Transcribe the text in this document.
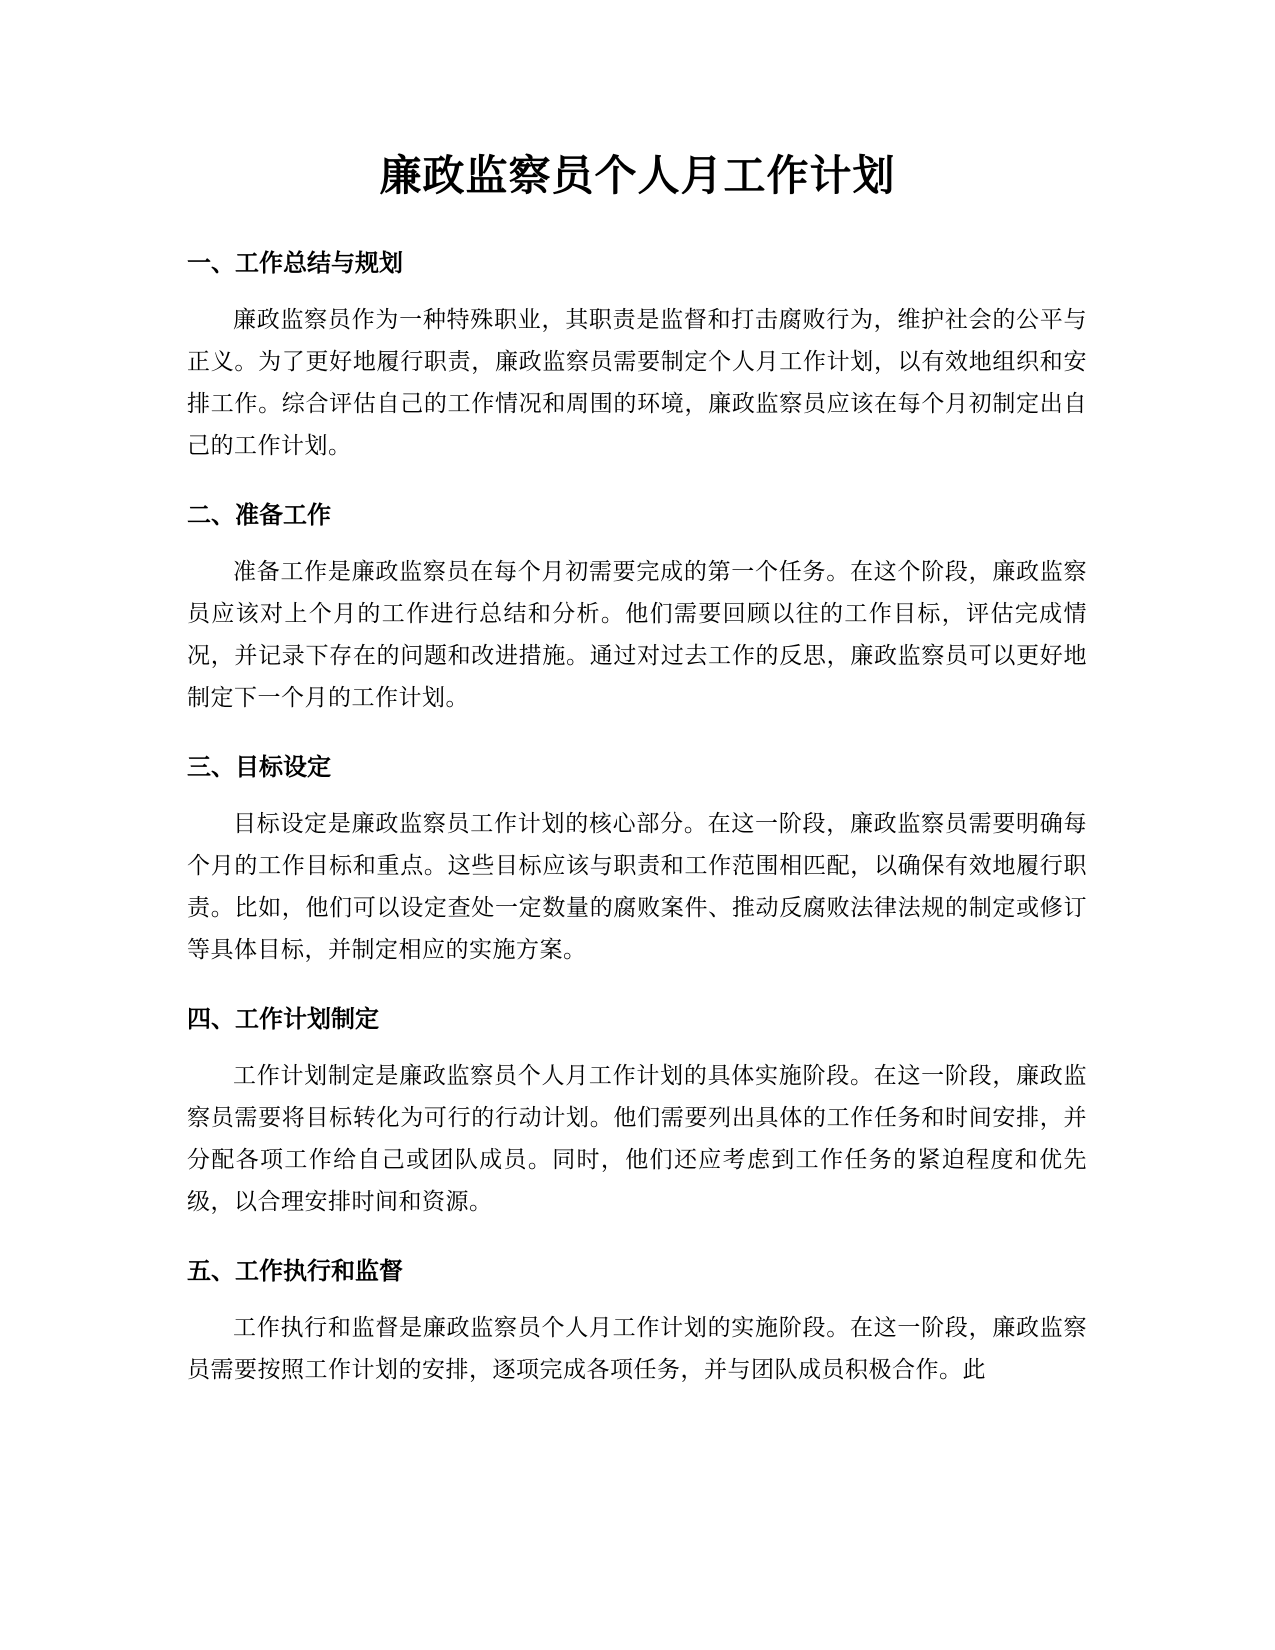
廉政监察员个人月工作计划
一、工作总结与规划

廉政监察员作为一种特殊职业，其职责是监督和打击腐败行为，维护社会的公平与正义。为了更好地履行职责，廉政监察员需要制定个人月工作计划，以有效地组织和安排工作。综合评估自己的工作情况和周围的环境，廉政监察员应该在每个月初制定出自己的工作计划。

二、准备工作

准备工作是廉政监察员在每个月初需要完成的第一个任务。在这个阶段，廉政监察员应该对上个月的工作进行总结和分析。他们需要回顾以往的工作目标，评估完成情况，并记录下存在的问题和改进措施。通过对过去工作的反思，廉政监察员可以更好地制定下一个月的工作计划。

三、目标设定

目标设定是廉政监察员工作计划的核心部分。在这一阶段，廉政监察员需要明确每个月的工作目标和重点。这些目标应该与职责和工作范围相匹配，以确保有效地履行职责。比如，他们可以设定查处一定数量的腐败案件、推动反腐败法律法规的制定或修订等具体目标，并制定相应的实施方案。

四、工作计划制定

工作计划制定是廉政监察员个人月工作计划的具体实施阶段。在这一阶段，廉政监察员需要将目标转化为可行的行动计划。他们需要列出具体的工作任务和时间安排，并分配各项工作给自己或团队成员。同时，他们还应考虑到工作任务的紧迫程度和优先级，以合理安排时间和资源。

五、工作执行和监督

工作执行和监督是廉政监察员个人月工作计划的实施阶段。在这一阶段，廉政监察员需要按照工作计划的安排，逐项完成各项任务，并与团队成员积极合作。此
